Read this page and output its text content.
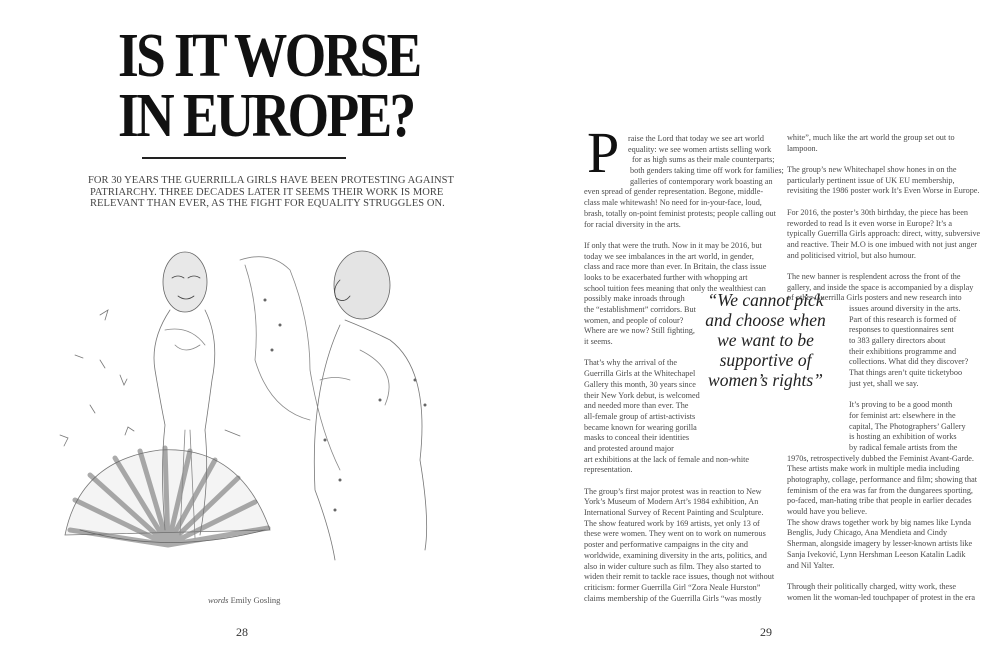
IS IT WORSE
IN EUROPE?
FOR 30 YEARS THE GUERRILLA GIRLS HAVE BEEN PROTESTING AGAINST
PATRIARCHY. THREE DECADES LATER IT SEEMS THEIR WORK IS MORE
RELEVANT THAN EVER, AS THE FIGHT FOR EQUALITY STRUGGLES ON.
words Emily Gosling
28
P	raise the Lord that today we see art world
equality: we see women artists selling work
for as high sums as their male counterparts;
both genders taking time off work for families;
galleries of contemporary work boasting an
even spread of gender representation. Begone, middle-
class male whitewash! No need for in-your-face, loud,
brash, totally on-point feminist protests; people calling out
for racial diversity in the arts.
If only that were the truth. Now in it may be 2016, but
today we see imbalances in the art world, in gender,
class and race more than ever. In Britain, the class issue
looks to be exacerbated further with whopping art
school tuition fees meaning that only the wealthiest can
possibly make inroads through
the “establishment” corridors. But
women, and people of colour?
Where are we now? Still fighting,
it seems.
That’s why the arrival of the
Guerrilla Girls at the Whitechapel
Gallery this month, 30 years since
their New York debut, is welcomed
and needed more than ever. The
all-female group of artist-activists
became known for wearing gorilla
masks to conceal their identities
and protested around major
art exhibitions at the lack of female and non-white
representation.
The group’s first major protest was in reaction to New
York’s Museum of Modern Art’s 1984 exhibition, An
International Survey of Recent Painting and Sculpture.
The show featured work by 169 artists, yet only 13 of
these were women. They went on to work on numerous
poster and performative campaigns in the city and
worldwide, examining diversity in the arts, politics, and
also in wider culture such as film. They also started to
widen their remit to tackle race issues, though not without
criticism: former Guerrilla Girl “Zora Neale Hurston”
claims membership of the Guerrilla Girls “was mostly
white”, much like the art world the group set out to
lampoon.
The group’s new Whitechapel show hones in on the
particularly pertinent issue of UK EU membership,
revisiting the 1986 poster work It’s Even Worse in Europe.
For 2016, the poster’s 30th birthday, the piece has been
reworded to read Is it even worse in Europe? It’s a
typically Guerrilla Girls approach: direct, witty, subversive
and reactive. Their M.O is one imbued with not just anger
and politicised vitriol, but also humour.
The new banner is resplendent across the front of the
gallery, and inside the space is accompanied by a display
of other Guerrilla Girls posters and new research into
issues around diversity in the arts.
Part of this research is formed of
responses to questionnaires sent
to 383 gallery directors about
their exhibitions programme and
collections. What did they discover?
That things aren’t quite ticketyboo
just yet, shall we say.
It’s proving to be a good month
for feminist art: elsewhere in the
capital, The Photographers’ Gallery
is hosting an exhibition of works
by radical female artists from the
1970s, retrospectively dubbed the Feminist Avant-Garde.
These artists make work in multiple media including
photography, collage, performance and film; showing that
feminism of the era was far from the dungarees sporting,
po-faced, man-hating tribe that people in earlier decades
would have you believe.
The show draws together work by big names like Lynda
Benglis, Judy Chicago, Ana Mendieta and Cindy
Sherman, alongside imagery by lesser-known artists like
Sanja Iveković, Lynn Hershman Leeson Katalin Ladik
and Nil Yalter.
Through their politically charged, witty work, these
women lit the woman-led touchpaper of protest in the era
“We cannot pick
and choose when
we want to be
supportive of
women’s rights”
29
